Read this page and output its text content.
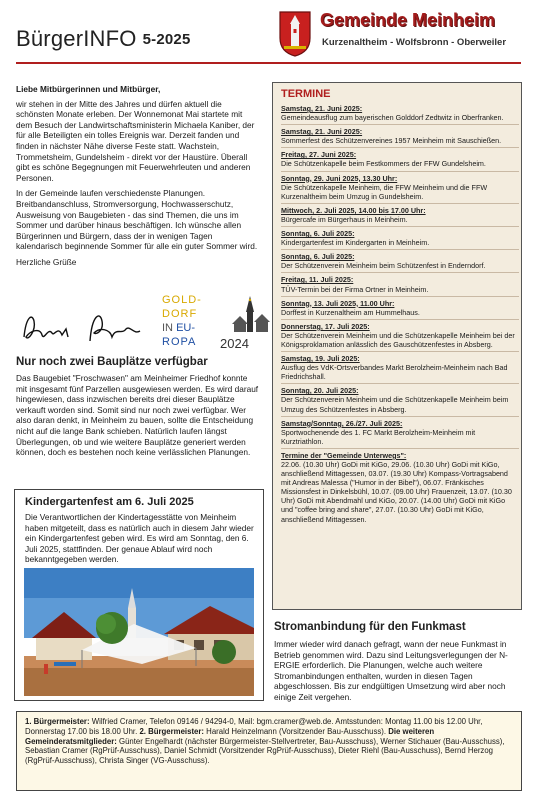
BürgerINFO 5-2025
Gemeinde Meinheim
Kurzenaltheim - Wolfsbronn - Oberweiler

Liebe Mitbürgerinnen und Mitbürger,

wir stehen in der Mitte des Jahres und dürfen aktuell die schönsten Monate erleben. Der Wonnemonat Mai startete mit dem Besuch der Landwirtschaftsministerin Michaela Kaniber, der für alle Beteiligten ein tolles Ereignis war. Derzeit fanden und finden in nächster Nähe diverse Feste statt. Wachstein, Trommetsheim, Gundelsheim - direkt vor der Haustüre. Überall gibt es schöne Begegnungen mit Feuerwehrleuten und anderen Personen.

In der Gemeinde laufen verschiedenste Planungen. Breitbandanschluss, Stromversorgung, Hochwasserschutz, Ausweisung von Baugebieten - das sind Themen, die uns im Sommer und darüber hinaus beschäftigen. Ich wünsche allen Bürgerinnen und Bürgern, dass der in wenigen Tagen kalendarisch beginnende Sommer für alle ein guter Sommer wird.

Herzliche Grüße

GOLD-
DORF
IN EU-
ROPA 2024
Nur noch zwei Bauplätze verfügbar
Das Baugebiet "Froschwasen" am Meinheimer Friedhof konnte mit insgesamt fünf Parzellen ausgewiesen werden. Es wird darauf hingewiesen, dass inzwischen bereits drei dieser Bauplätze verkauft worden sind. Somit sind nur noch zwei verfügbar. Wer also daran denkt, in Meinheim zu bauen, sollte die Entscheidung nicht auf die lange Bank schieben. Natürlich laufen längst Überlegungen, ob und wie weitere Bauplätze generiert werden können, doch es bestehen noch keine verlässlichen Planungen.
Kindergartenfest am 6. Juli 2025
Die Verantwortlichen der Kindertagesstätte von Meinheim haben mitgeteilt, dass es natürlich auch in diesem Jahr wieder ein Kindergartenfest geben wird. Es wird am Sonntag, den 6. Juli 2025, stattfinden. Der genaue Ablauf wird noch bekanntgegeben werden.
TERMINE
Samstag, 21. Juni 2025:
Gemeindeausflug zum bayerischen Golddorf Zedtwitz in Oberfranken.
Samstag, 21. Juni 2025:
Sommerfest des Schützenvereines 1957 Meinheim mit Sauschießen.
Freitag, 27. Juni 2025:
Die Schützenkapelle beim Festkommers der FFW Gundelsheim.
Sonntag, 29. Juni 2025, 13.30 Uhr:
Die Schützenkapelle Meinheim, die FFW Meinheim und die FFW Kurzenaltheim beim Umzug in Gundelsheim.
Mittwoch, 2. Juli 2025, 14.00 bis 17.00 Uhr:
Bürgercafe im Bürgerhaus in Meinheim.
Sonntag, 6. Juli 2025:
Kindergartenfest im Kindergarten in Meinheim.
Sonntag, 6. Juli 2025:
Der Schützenverein Meinheim beim Schützenfest in Enderndorf.
Freitag, 11. Juli 2025:
TÜV-Termin bei der Firma Ortner in Meinheim.
Sonntag, 13. Juli 2025, 11.00 Uhr:
Dorffest in Kurzenaltheim am Hummelhaus.
Donnerstag, 17. Juli 2025:
Der Schützenverein Meinheim und die Schützenkapelle Meinheim bei der Königsproklamation anlässlich des Gauschützenfestes in Absberg.
Samstag, 19. Juli 2025:
Ausflug des VdK-Ortsverbandes Markt Berolzheim-Meinheim nach Bad Friedrichshall.
Sonntag, 20. Juli 2025:
Der Schützenverein Meinheim und die Schützenkapelle Meinheim beim Umzug des Schützenfestes in Absberg.
Samstag/Sonntag, 26./27. Juli 2025:
Sportwochenende des 1. FC Markt Berolzheim-Meinheim mit Kurztriathlon.
Termine der "Gemeinde Unterwegs":
22.06. (10.30 Uhr) GoDi mit KiGo, 29.06. (10.30 Uhr) GoDi mit KiGo, anschließend Mittagessen, 03.07. (19.30 Uhr) Kompass-Vortragsabend mit Andreas Malessa ("Humor in der Bibel"), 06.07. Fränkisches Missionsfest in Dinkelsbühl, 10.07. (09.00 Uhr) Frauenzeit, 13.07. (10.30 Uhr) GoDi mit Abendmahl und KiGo, 20.07. (14.00 Uhr) GoDi mit KiGo und "coffee bring and share", 27.07. (10.30 Uhr) GoDi mit KiGo, anschließend Mittagessen.
Stromanbindung für den Funkmast
Immer wieder wird danach gefragt, wann der neue Funkmast in Betrieb genommen wird. Dazu sind Leitungsverlegungen der N-ERGIE erforderlich. Die Planungen, welche auch weitere Stromanbindungen enthalten, wurden in diesen Tagen abgeschlossen. Bis zur endgültigen Umsetzung wird aber noch einige Zeit vergehen.
1. Bürgermeister: Wilfried Cramer, Telefon 09146 / 94294-0, Mail: bgm.cramer@web.de. Amtsstunden: Montag 11.00 bis 12.00 Uhr, Donnerstag 17.00 bis 18.00 Uhr. 2. Bürgermeister: Harald Heinzelmann (Vorsitzender Bau-Ausschuss). Die weiteren Gemeinderatsmitglieder: Günter Engelhardt (nächster Bürgermeister-Stellvertreter, Bau-Ausschuss), Werner Stichauer (Bau-Ausschuss), Sebastian Cramer (RgPrüf-Ausschuss), Daniel Schmidt (Vorsitzender RgPrüf-Ausschuss), Dieter Riehl (Bau-Ausschuss), Bernd Herzog (RgPrüf-Ausschuss), Christa Singer (VG-Ausschuss).
